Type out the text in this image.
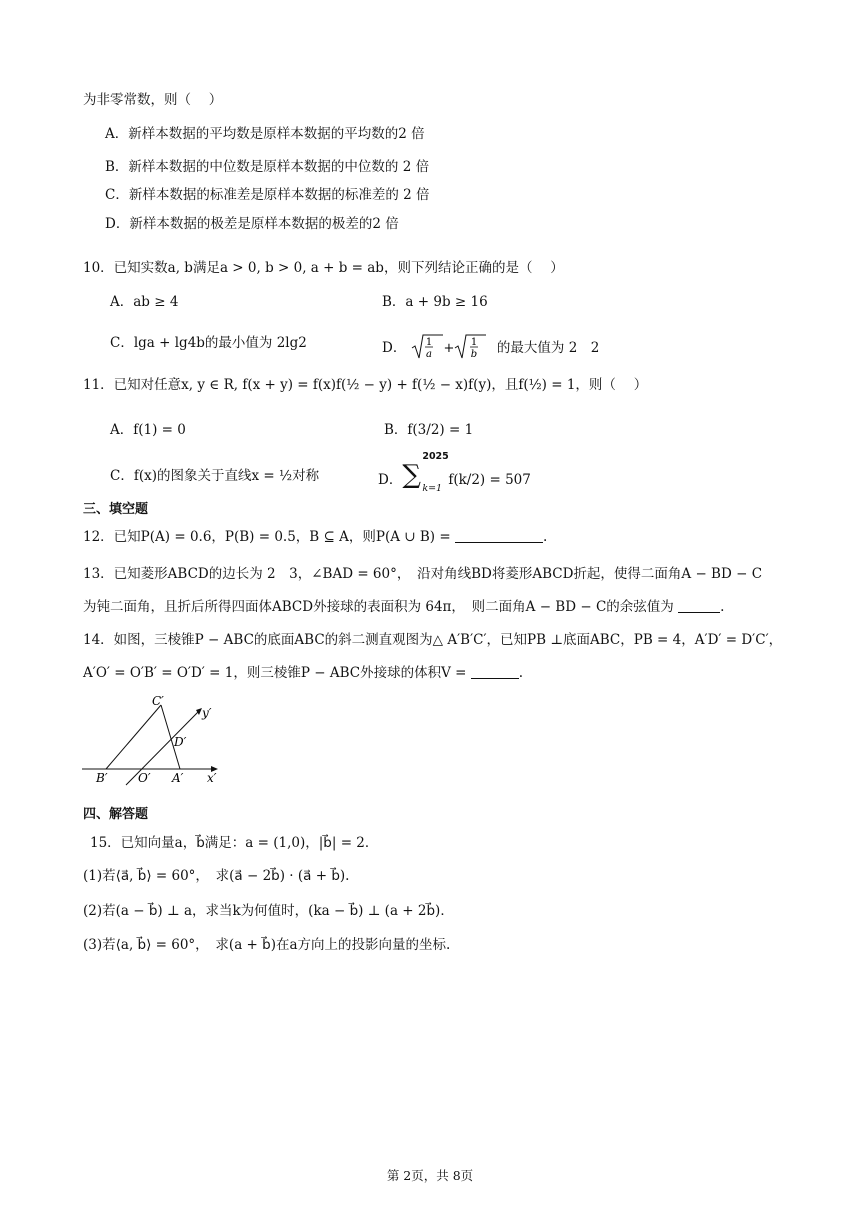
为非零常数，则（　 ）
A．新样本数据的平均数是原样本数据的平均数的2 倍
B．新样本数据的中位数是原样本数据的中位数的 2 倍
C．新样本数据的标准差是原样本数据的标准差的 2 倍
D．新样本数据的极差是原样本数据的极差的2 倍
10．已知实数a, b满足a > 0, b > 0, a + b = ab，则下列结论正确的是（　 ）
A．ab ≥ 4	B．a + 9b ≥ 16
C．lga + lg4b的最小值为 2lg2	D． 1
a + 1
b 的最大值为 2　2
11．已知对任意x, y ∈ R, f(x + y) = f(x)f(½ − y) + f(½ − x)f(y)，且f(½) = 1，则（　 ）
A．f(1) = 0	B．f(3/2) = 1
C．f(x)的图象关于直线x = ½对称	D． ∑
2025
k=1
f(k/2) = 507
三、填空题
12．已知P(A) = 0.6，P(B) = 0.5，B ⊆ A，则P(A ∪ B) =	.
13．已知菱形ABCD的边长为 2　3，∠BAD = 60°，　沿对角线BD将菱形ABCD折起，使得二面角A − BD − C
为钝二面角，且折后所得四面体ABCD外接球的表面积为 64π，　则二面角A − BD − C的余弦值为	.
14．如图，三棱锥P − ABC的底面ABC的斜二测直观图为△ A′B′C′，已知PB ⊥底面ABC，PB = 4，A′D′ = D′C′，
A′O′ = O′B′ = O′D′ = 1，则三棱锥P − ABC外接球的体积V =	.
C′
y′
D′
B′	O′ A′ x′
四、解答题
15．已知向量a，b⃗满足：a = (1,0)，|b⃗| = 2．
(1)若⟨a⃗, b⃗⟩ = 60°，　求(a⃗ − 2b⃗) · (a⃗ + b⃗).
(2)若(a − b⃗) ⊥ a，求当k为何值时，(ka − b⃗) ⊥ (a + 2b⃗)．
(3)若⟨a, b⃗⟩ = 60°，　求(a + b⃗)在a方向上的投影向量的坐标.
第 2页，共 8页
